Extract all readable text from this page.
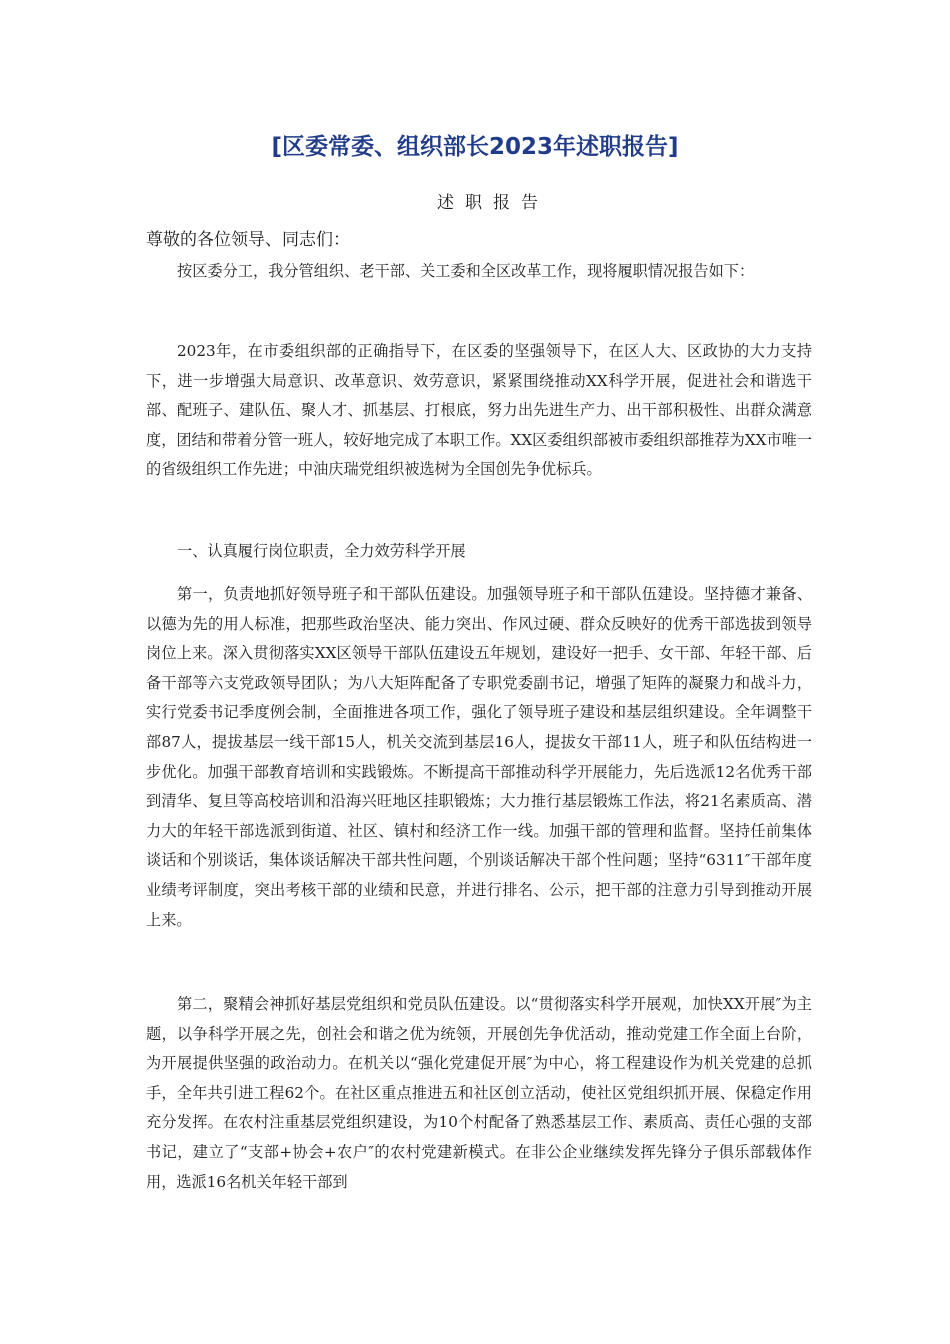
[区委常委、组织部长2023年述职报告]
述职报告
尊敬的各位领导、同志们：

按区委分工，我分管组织、老干部、关工委和全区改革工作，现将履职情况报告如下：

2023年，在市委组织部的正确指导下，在区委的坚强领导下，在区人大、区政协的大力支持下，进一步增强大局意识、改革意识、效劳意识，紧紧围绕推动XX科学开展，促进社会和谐选干部、配班子、建队伍、聚人才、抓基层、打根底，努力出先进生产力、出干部积极性、出群众满意度，团结和带着分管一班人，较好地完成了本职工作。XX区委组织部被市委组织部推荐为XX市唯一的省级组织工作先进；中油庆瑞党组织被选树为全国创先争优标兵。

一、认真履行岗位职责，全力效劳科学开展

第一，负责地抓好领导班子和干部队伍建设。加强领导班子和干部队伍建设。坚持德才兼备、以德为先的用人标准，把那些政治坚决、能力突出、作风过硬、群众反映好的优秀干部选拔到领导岗位上来。深入贯彻落实XX区领导干部队伍建设五年规划，建设好一把手、女干部、年轻干部、后备干部等六支党政领导团队；为八大矩阵配备了专职党委副书记，增强了矩阵的凝聚力和战斗力，实行党委书记季度例会制，全面推进各项工作，强化了领导班子建设和基层组织建设。全年调整干部87人，提拔基层一线干部15人，机关交流到基层16人，提拔女干部11人，班子和队伍结构进一步优化。加强干部教育培训和实践锻炼。不断提高干部推动科学开展能力，先后选派12名优秀干部到清华、复旦等高校培训和沿海兴旺地区挂职锻炼；大力推行基层锻炼工作法，将21名素质高、潜力大的年轻干部选派到街道、社区、镇村和经济工作一线。加强干部的管理和监督。坚持任前集体谈话和个别谈话，集体谈话解决干部共性问题，个别谈话解决干部个性问题；坚持“6311″干部年度业绩考评制度，突出考核干部的业绩和民意，并进行排名、公示，把干部的注意力引导到推动开展上来。

第二，聚精会神抓好基层党组织和党员队伍建设。以“贯彻落实科学开展观，加快XX开展″为主题，以争科学开展之先，创社会和谐之优为统领，开展创先争优活动，推动党建工作全面上台阶，为开展提供坚强的政治动力。在机关以“强化党建促开展″为中心，将工程建设作为机关党建的总抓手，全年共引进工程62个。在社区重点推进五和社区创立活动，使社区党组织抓开展、保稳定作用充分发挥。在农村注重基层党组织建设，为10个村配备了熟悉基层工作、素质高、责任心强的支部书记，建立了“支部+协会+农户″的农村党建新模式。在非公企业继续发挥先锋分子俱乐部载体作用，选派16名机关年轻干部到
